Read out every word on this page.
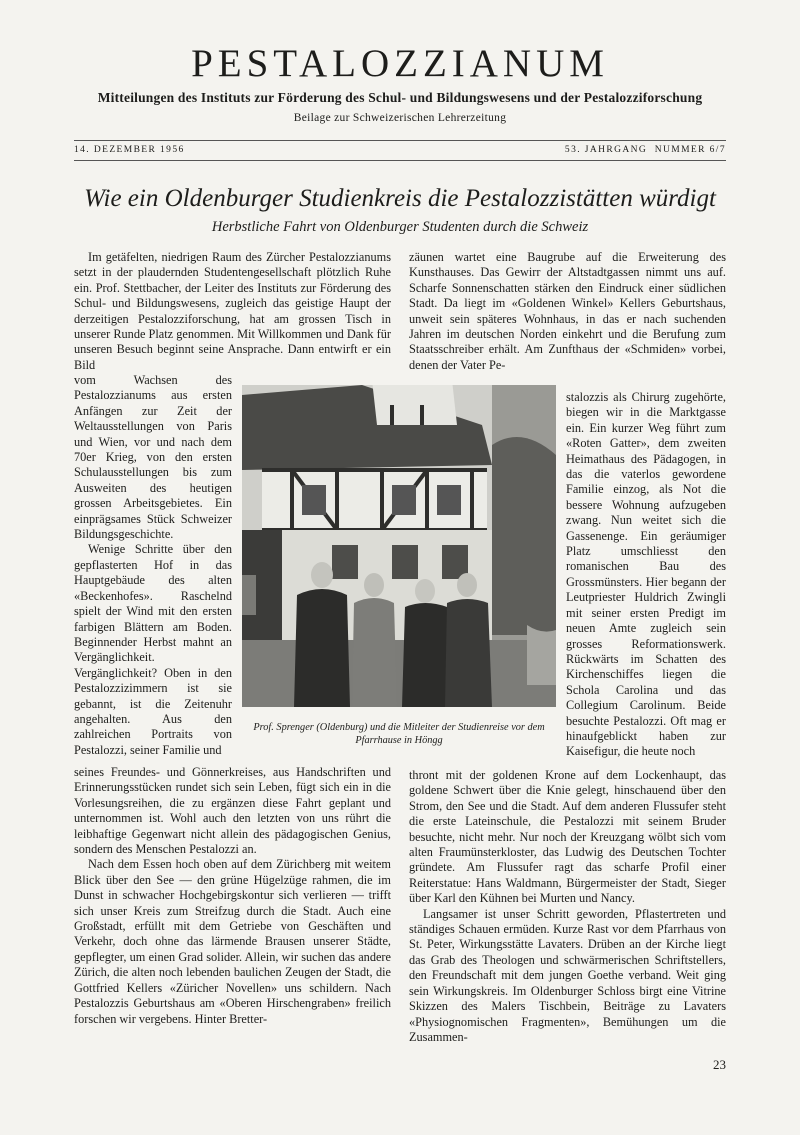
PESTALOZZIANUM
Mitteilungen des Instituts zur Förderung des Schul- und Bildungswesens und der Pestalozziforschung
Beilage zur Schweizerischen Lehrerzeitung
14. DEZEMBER 1956	53. JAHRGANG  NUMMER 6/7
Wie ein Oldenburger Studienkreis die Pestalozzistätten würdigt
Herbstliche Fahrt von Oldenburger Studenten durch die Schweiz

Im getäfelten, niedrigen Raum des Zürcher Pestalozzianums setzt in der plaudernden Studentengesellschaft plötzlich Ruhe ein. Prof. Stettbacher, der Leiter des Instituts zur Förderung des Schul- und Bildungswesens, zugleich das geistige Haupt der derzeitigen Pestalozziforschung, hat am grossen Tisch in unserer Runde Platz genommen. Mit Willkommen und Dank für unseren Besuch beginnt seine Ansprache. Dann entwirft er ein Bild

vom Wachsen des Pestalozzianums aus ersten Anfängen zur Zeit der Weltausstellungen von Paris und Wien, vor und nach dem 70er Krieg, von den ersten Schulausstellungen bis zum Ausweiten des heutigen grossen Arbeitsgebietes. Ein einprägsames Stück Schweizer Bildungsgeschichte.

Wenige Schritte über den gepflasterten Hof in das Hauptgebäude des alten «Beckenhofes». Raschelnd spielt der Wind mit den ersten farbigen Blättern am Boden. Beginnender Herbst mahnt an Vergänglichkeit. Vergänglichkeit? Oben in den Pestalozzizimmern ist sie gebannt, ist die Zeitenuhr angehalten. Aus den zahlreichen Portraits von Pestalozzi, seiner Familie und

seines Freundes- und Gönnerkreises, aus Handschriften und Erinnerungsstücken rundet sich sein Leben, fügt sich ein in die Vorlesungsreihen, die zu ergänzen diese Fahrt geplant und unternommen ist. Wohl auch den letzten von uns rührt die leibhaftige Gegenwart nicht allein des pädagogischen Genius, sondern des Menschen Pestalozzi an.

Nach dem Essen hoch oben auf dem Zürichberg mit weitem Blick über den See — den grüne Hügelzüge rahmen, die im Dunst in schwacher Hochgebirgskontur sich verlieren — trifft sich unser Kreis zum Streifzug durch die Stadt. Auch eine Großstadt, erfüllt mit dem Getriebe von Geschäften und Verkehr, doch ohne das lärmende Brausen unserer Städte, gepflegter, um einen Grad solider. Allein, wir suchen das andere Zürich, die alten noch lebenden baulichen Zeugen der Stadt, die Gottfried Kellers «Züricher Novellen» uns schildern. Nach Pestalozzis Geburtshaus am «Oberen Hirschengraben» freilich forschen wir vergebens. Hinter Bretter-

zäunen wartet eine Baugrube auf die Erweiterung des Kunsthauses. Das Gewirr der Altstadtgassen nimmt uns auf. Scharfe Sonnenschatten stärken den Eindruck einer südlichen Stadt. Da liegt im «Goldenen Winkel» Kellers Geburtshaus, unweit sein späteres Wohnhaus, in das er nach suchenden Jahren im deutschen Norden einkehrt und die Berufung zum Staatsschreiber erhält. Am Zunfthaus der «Schmiden» vorbei, denen der Vater Pe-

stalozzis als Chirurg zugehörte, biegen wir in die Marktgasse ein. Ein kurzer Weg führt zum «Roten Gatter», dem zweiten Heimathaus des Pädagogen, in das die vaterlos gewordene Familie einzog, als Not die bessere Wohnung aufzugeben zwang. Nun weitet sich die Gassenenge. Ein geräumiger Platz umschliesst den romanischen Bau des Grossmünsters. Hier begann der Leutpriester Huldrich Zwingli mit seiner ersten Predigt im neuen Amte zugleich sein grosses Reformationswerk. Rückwärts im Schatten des Kirchenschiffes liegen die Schola Carolina und das Collegium Carolinum. Beide besuchte Pestalozzi. Oft mag er hinaufgeblickt haben zur Kaisefigur, die heute noch

thront mit der goldenen Krone auf dem Lockenhaupt, das goldene Schwert über die Knie gelegt, hinschauend über den Strom, den See und die Stadt. Auf dem anderen Flussufer steht die erste Lateinschule, die Pestalozzi mit seinem Bruder besuchte, nicht mehr. Nur noch der Kreuzgang wölbt sich vom alten Fraumünsterkloster, das Ludwig des Deutschen Tochter gründete. Am Flussufer ragt das scharfe Profil einer Reiterstatue: Hans Waldmann, Bürgermeister der Stadt, Sieger über Karl den Kühnen bei Murten und Nancy.

Langsamer ist unser Schritt geworden, Pflastertreten und ständiges Schauen ermüden. Kurze Rast vor dem Pfarrhaus von St. Peter, Wirkungsstätte Lavaters. Drüben an der Kirche liegt das Grab des Theologen und schwärmerischen Schriftstellers, den Freundschaft mit dem jungen Goethe verband. Weit ging sein Wirkungskreis. Im Oldenburger Schloss birgt eine Vitrine Skizzen des Malers Tischbein, Beiträge zu Lavaters «Physiognomischen Fragmenten», Bemühungen um die Zusammen-

Prof. Sprenger (Oldenburg) und die Mitleiter der Studienreise vor dem Pfarrhause in Höngg
23
